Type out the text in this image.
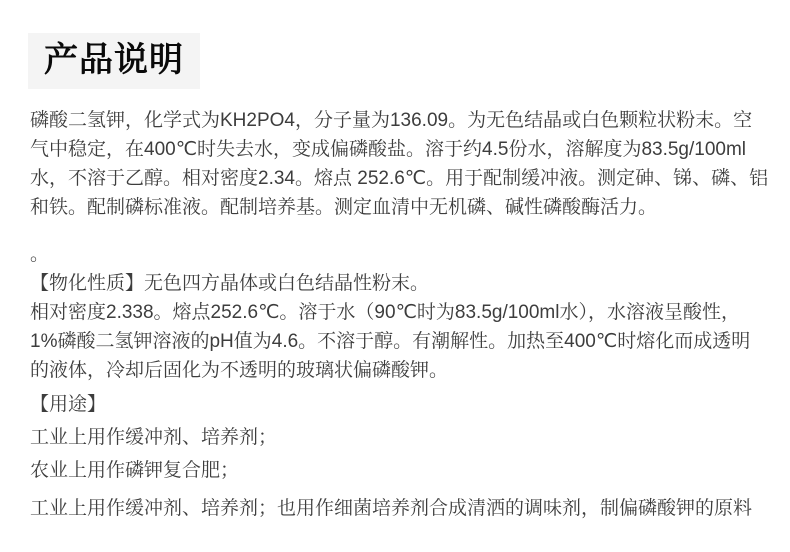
产品说明

磷酸二氢钾，化学式为KH2PO4，分子量为136.09。为无色结晶或白色颗粒状粉末。空
气中稳定，在400℃时失去水，变成偏磷酸盐。溶于约4.5份水，溶解度为83.5g/100ml
水，不溶于乙醇。相对密度2.34。熔点 252.6℃。用于配制缓冲液。测定砷、锑、磷、铝
和铁。配制磷标准液。配制培养基。测定血清中无机磷、碱性磷酸酶活力。

。

【物化性质】无色四方晶体或白色结晶性粉末。

相对密度2.338。熔点252.6℃。溶于水（90℃时为83.5g/100ml水），水溶液呈酸性，
1%磷酸二氢钾溶液的pH值为4.6。不溶于醇。有潮解性。加热至400℃时熔化而成透明
的液体，冷却后固化为不透明的玻璃状偏磷酸钾。

【用途】

工业上用作缓冲剂、培养剂；

农业上用作磷钾复合肥；

工业上用作缓冲剂、培养剂；也用作细菌培养剂合成清洒的调味剂，制偏磷酸钾的原料
